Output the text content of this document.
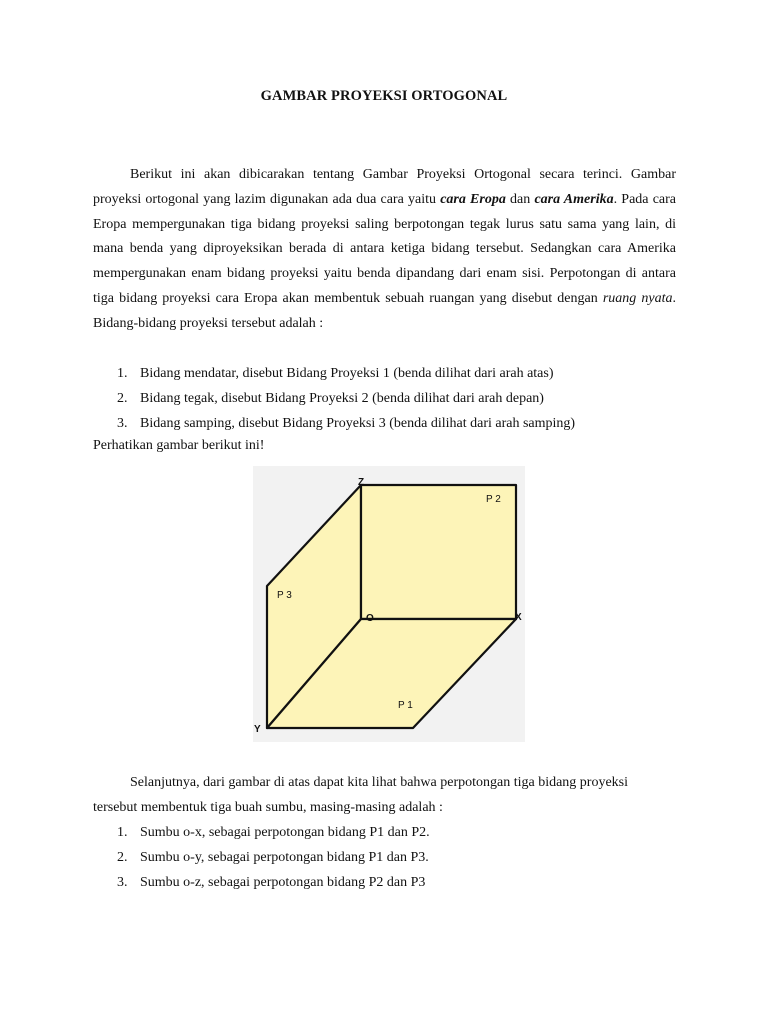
GAMBAR PROYEKSI ORTOGONAL

Berikut ini akan dibicarakan tentang Gambar Proyeksi Ortogonal secara terinci. Gambar proyeksi ortogonal yang lazim digunakan ada dua cara yaitu cara Eropa dan cara Amerika. Pada cara Eropa mempergunakan tiga bidang proyeksi saling berpotongan tegak lurus satu sama yang lain, di mana benda yang diproyeksikan berada di antara ketiga bidang tersebut. Sedangkan cara Amerika mempergunakan enam bidang proyeksi yaitu benda dipandang dari enam sisi. Perpotongan di antara tiga bidang proyeksi cara Eropa akan membentuk sebuah ruangan yang disebut dengan ruang nyata. Bidang-bidang proyeksi tersebut adalah :

1. Bidang mendatar, disebut Bidang Proyeksi 1 (benda dilihat dari arah atas)
2. Bidang tegak, disebut Bidang Proyeksi 2 (benda dilihat dari arah depan)
3. Bidang samping, disebut Bidang Proyeksi 3 (benda dilihat dari arah samping)
Perhatikan gambar berikut ini!
Z
X
Y
O
P 1
P 2
P 3

Selanjutnya, dari gambar di atas dapat kita lihat bahwa perpotongan tiga bidang proyeksi tersebut membentuk tiga buah sumbu, masing-masing adalah :

1. Sumbu o-x, sebagai perpotongan bidang P1 dan P2.
2. Sumbu o-y, sebagai perpotongan bidang P1 dan P3.
3. Sumbu o-z, sebagai perpotongan bidang P2 dan P3
